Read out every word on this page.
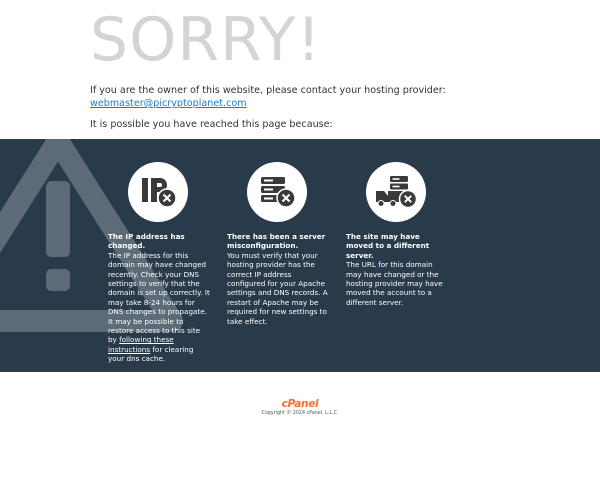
SORRY!
If you are the owner of this website, please contact your hosting provider:
webmaster@picryptoplanet.com
It is possible you have reached this page because:
The IP address has changed.
The IP address for this domain may have changed recently. Check your DNS settings to verify that the domain is set up correctly. It may take 8-24 hours for DNS changes to propagate. It may be possible to restore access to this site by following these instructions for clearing your dns cache.
There has been a server misconfiguration.
You must verify that your hosting provider has the correct IP address configured for your Apache settings and DNS records. A restart of Apache may be required for new settings to take effect.
The site may have moved to a different server.
The URL for this domain may have changed or the hosting provider may have moved the account to a different server.
cPanel
Copyright © 2024 cPanel, L.L.C.
